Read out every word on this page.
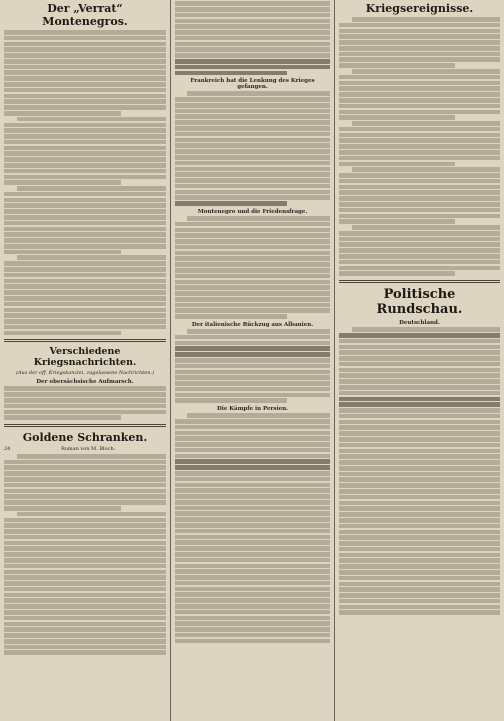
Der „Verrat“ Montenegros.
Verschiedene Kriegsnachrichten.
(Aus der off. Kriegskanzlei, zugelassene Nachrichten.)
Der obersächsische Aufmarsch.
Goldene Schranken.
24	Roman von M. Bloch.
Frankreich hat die Lenkung des Krieges gefangen.
Montenegro und die Friedensfrage.
Der italienische Rückzug aus Albanien.
Die Kämpfe in Persien.
Kriegsereignisse.
Politische Rundschau.
Deutschland.
